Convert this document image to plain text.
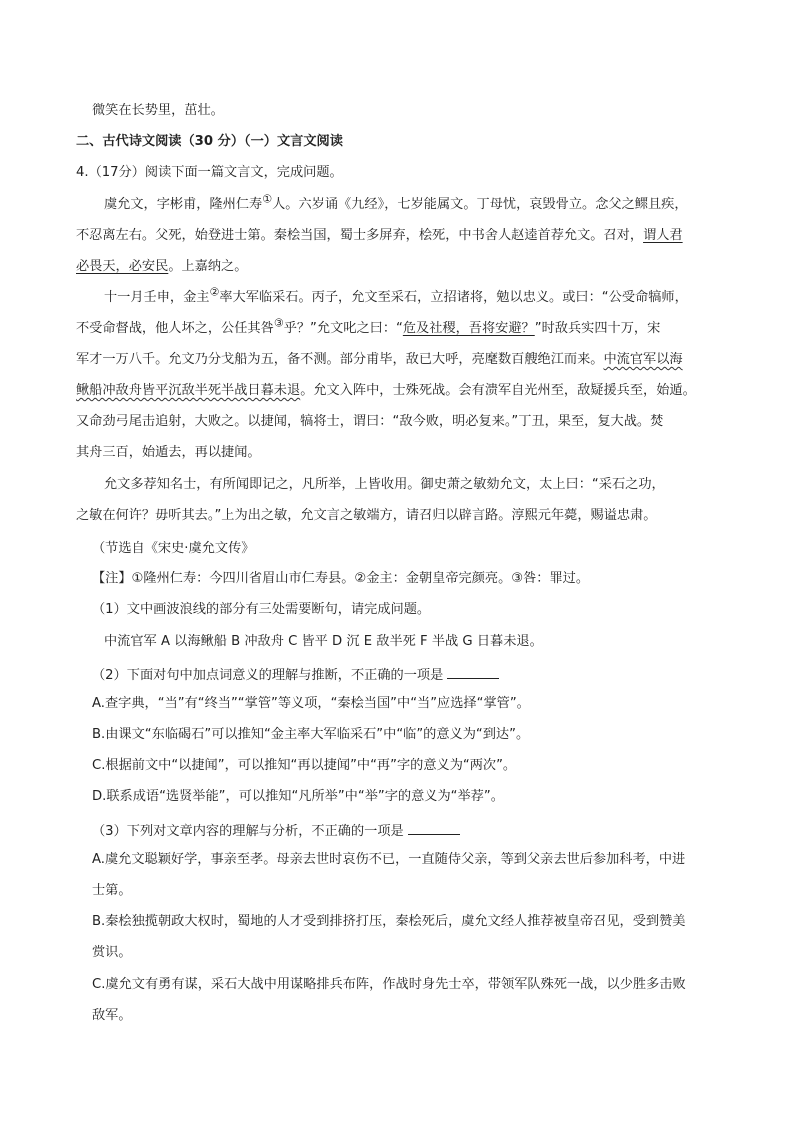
微笑在长势里，茁壮。
二、古代诗文阅读（30 分）（一）文言文阅读
4.（17分）阅读下面一篇文言文，完成问题。
虞允文，字彬甫，隆州仁寿①人。六岁诵《九经》，七岁能属文。丁母忧，哀毁骨立。念父之鳏且疾，
不忍离左右。父死，始登进士第。秦桧当国，蜀士多屏弃，桧死，中书舍人赵逵首荐允文。召对，谓人君
必畏天，必安民。上嘉纳之。
十一月壬申，金主②率大军临采石。丙子，允文至采石，立招诸将，勉以忠义。或曰：“公受命犒师，
不受命督战，他人坏之，公任其咎③乎？”允文叱之曰：“危及社稷，吾将安避？”时敌兵实四十万，宋
军才一万八千。允文乃分戈船为五，备不测。部分甫毕，敌已大呼，亮麾数百艘绝江而来。中流官军以海
鳅船冲敌舟皆平沉敌半死半战日暮未退。允文入阵中，士殊死战。会有溃军自光州至，敌疑援兵至，始遁。
又命劲弓尾击追射，大败之。以捷闻，犒将士，谓曰：“敌今败，明必复来。”丁丑，果至，复大战。焚
其舟三百，始遁去，再以捷闻。
允文多荐知名士，有所闻即记之，凡所举，上皆收用。御史萧之敏劾允文，太上曰：“采石之功，
之敏在何许？毋听其去。”上为出之敏，允文言之敏端方，请召归以辟言路。淳熙元年薨，赐谥忠肃。
（节选自《宋史·虞允文传》
【注】①隆州仁寿：今四川省眉山市仁寿县。②金主：金朝皇帝完颜亮。③咎：罪过。
（1）文中画波浪线的部分有三处需要断句，请完成问题。
中流官军 A 以海鳅船 B 冲敌舟 C 皆平 D 沉 E 敌半死 F 半战 G 日暮未退。
（2）下面对句中加点词意义的理解与推断，不正确的一项是
A.查字典，“当”有“终当”“掌管”等义项，“秦桧当国”中“当”应选择“掌管”。
B.由课文“东临碣石”可以推知“金主率大军临采石”中“临”的意义为“到达”。
C.根据前文中“以捷闻”，可以推知“再以捷闻”中“再”字的意义为“两次”。
D.联系成语“选贤举能”，可以推知“凡所举”中“举”字的意义为“举荐”。
（3）下列对文章内容的理解与分析，不正确的一项是
A.虞允文聪颖好学，事亲至孝。母亲去世时哀伤不已，一直随侍父亲，等到父亲去世后参加科考，中进
士第。
B.秦桧独揽朝政大权时，蜀地的人才受到排挤打压，秦桧死后，虞允文经人推荐被皇帝召见，受到赞美
赏识。
C.虞允文有勇有谋，采石大战中用谋略排兵布阵，作战时身先士卒，带领军队殊死一战，以少胜多击败
敌军。
